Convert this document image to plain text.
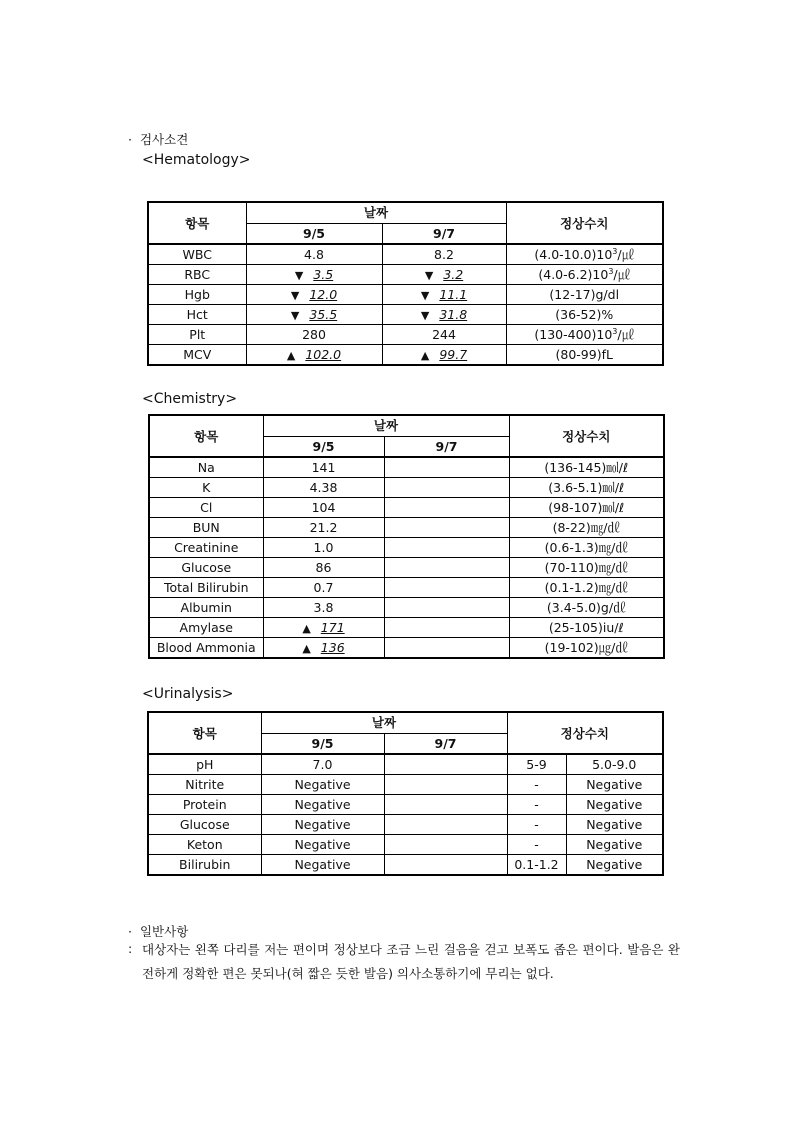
· 검사소견
<Hematology>
항목	날짜		정상수치
	9/5	9/7	
WBC	4.8	8.2	$(4.0-10.0)10^3/㎕$
RBC	▼ 3.5	▼ 3.2	$(4.0-6.2)10^3/㎕$
Hgb	▼ 12.0	▼ 11.1	(12-17)g/dl
Hct	▼ 35.5	▼ 31.8	(36-52)%
Plt	280	244	$(130-400)10^3/㎕$
MCV	▲ 102.0	▲ 99.7	(80-99)fL
<Chemistry>
항목	날짜		정상수치
	9/5	9/7	
Na	141		(136-145)㏖/ℓ
K	4.38		(3.6-5.1)㏖/ℓ
Cl	104		(98-107)㏖/ℓ
BUN	21.2		(8-22)㎎/㎗
Creatinine	1.0		(0.6-1.3)㎎/㎗
Glucose	86		(70-110)㎎/㎗
Total Bilirubin	0.7		(0.1-1.2)㎎/㎗
Albumin	3.8		(3.4-5.0)g/㎗
Amylase	▲ 171		(25-105)iu/ℓ
Blood Ammonia	▲ 136		(19-102)㎍/㎗
<Urinalysis>
항목	날짜		정상수치	
	9/5	9/7		
pH	7.0		5-9	5.0-9.0
Nitrite	Negative		-	Negative
Protein	Negative		-	Negative
Glucose	Negative		-	Negative
Keton	Negative		-	Negative
Bilirubin	Negative		0.1-1.2	Negative
· 일반사항
: 대상자는 왼쪽 다리를 저는 편이며 정상보다 조금 느린 걸음을 걷고 보폭도 좁은 편이다. 발음은 완전하게 정확한 편은 못되나(혀 짧은 듯한 발음) 의사소통하기에 무리는 없다.
